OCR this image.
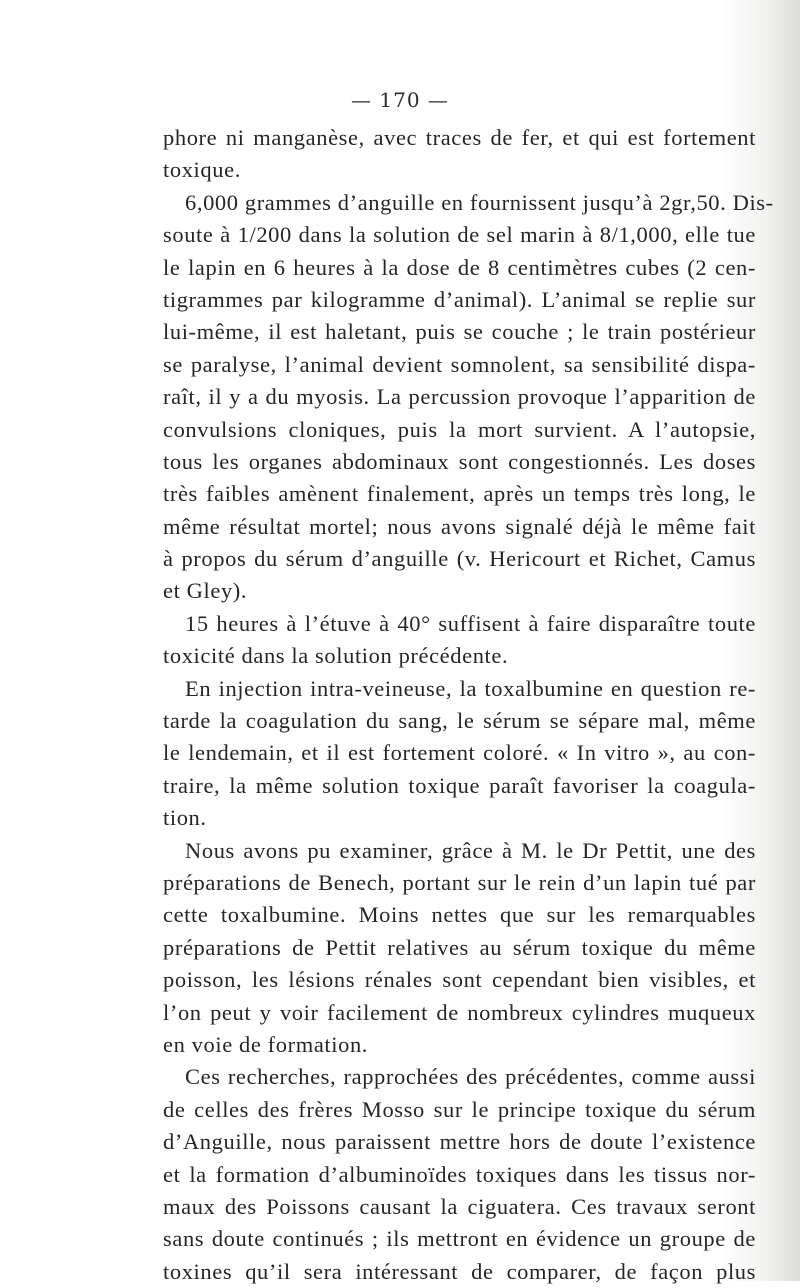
— 170 —
phore ni manganèse, avec traces de fer, et qui est fortement
toxique.
6,000 grammes d’anguille en fournissent jusqu’à 2gr,50. Dis-
soute à 1/200 dans la solution de sel marin à 8/1,000, elle tue
le lapin en 6 heures à la dose de 8 centimètres cubes (2 cen-
tigrammes par kilogramme d’animal). L’animal se replie sur
lui-même, il est haletant, puis se couche ; le train postérieur
se paralyse, l’animal devient somnolent, sa sensibilité dispa-
raît, il y a du myosis. La percussion provoque l’apparition de
convulsions cloniques, puis la mort survient. A l’autopsie,
tous les organes abdominaux sont congestionnés. Les doses
très faibles amènent finalement, après un temps très long, le
même résultat mortel; nous avons signalé déjà le même fait
à propos du sérum d’anguille (v. Hericourt et Richet, Camus
et Gley).
15 heures à l’étuve à 40° suffisent à faire disparaître toute
toxicité dans la solution précédente.
En injection intra-veineuse, la toxalbumine en question re-
tarde la coagulation du sang, le sérum se sépare mal, même
le lendemain, et il est fortement coloré. « In vitro », au con-
traire, la même solution toxique paraît favoriser la coagula-
tion.
Nous avons pu examiner, grâce à M. le Dr Pettit, une des
préparations de Benech, portant sur le rein d’un lapin tué par
cette toxalbumine. Moins nettes que sur les remarquables
préparations de Pettit relatives au sérum toxique du même
poisson, les lésions rénales sont cependant bien visibles, et
l’on peut y voir facilement de nombreux cylindres muqueux
en voie de formation.
Ces recherches, rapprochées des précédentes, comme aussi
de celles des frères Mosso sur le principe toxique du sérum
d’Anguille, nous paraissent mettre hors de doute l’existence
et la formation d’albuminoïdes toxiques dans les tissus nor-
maux des Poissons causant la ciguatera. Ces travaux seront
sans doute continués ; ils mettront en évidence un groupe de
toxines qu’il sera intéressant de comparer, de façon plus
